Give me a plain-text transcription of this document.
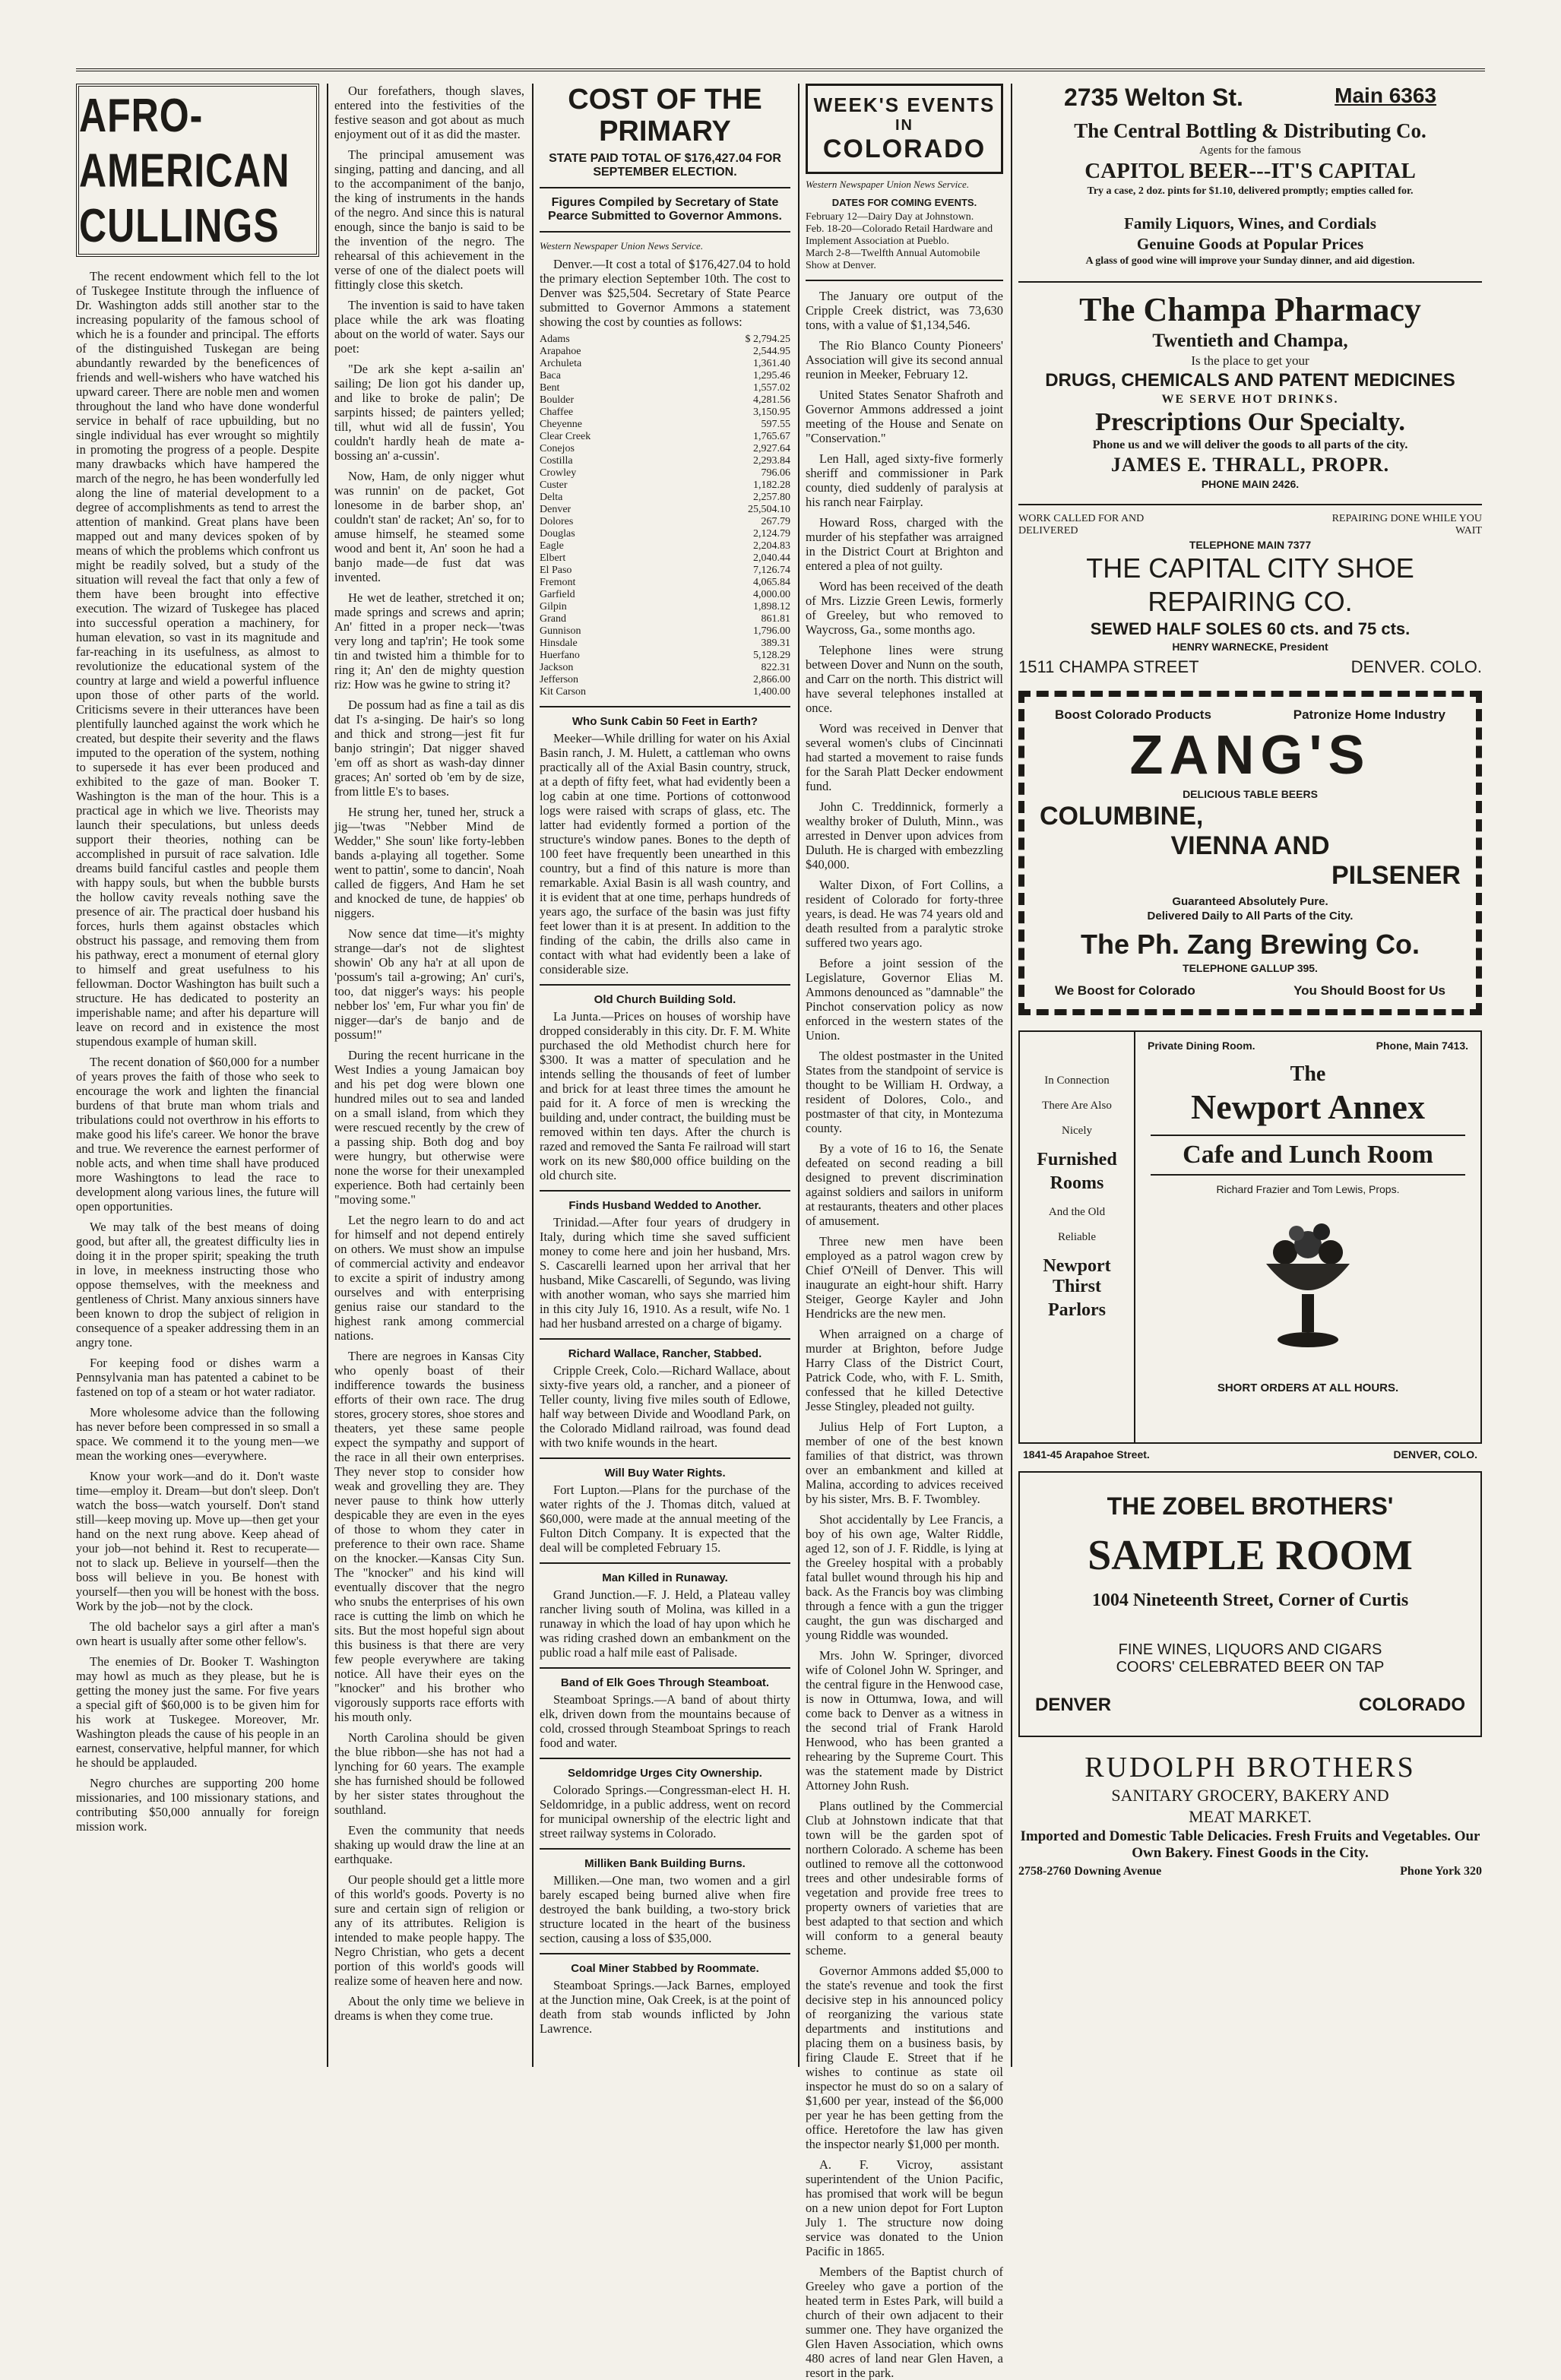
AFRO-AMERICAN CULLINGS

The recent endowment which fell to the lot of Tuskegee Institute through the influence of Dr. Washington adds still another star to the increasing popularity of the famous school of which he is a founder and principal. The efforts of the distinguished Tuskegan are being abundantly rewarded by the beneficences of friends and well-wishers who have watched his upward career. There are noble men and women throughout the land who have done wonderful service in behalf of race upbuilding, but no single individual has ever wrought so mightily in promoting the progress of a people. Despite many drawbacks which have hampered the march of the negro, he has been wonderfully led along the line of material development to a degree of accomplishments as tend to arrest the attention of mankind. Great plans have been mapped out and many devices spoken of by means of which the problems which confront us might be readily solved, but a study of the situation will reveal the fact that only a few of them have been brought into effective execution. The wizard of Tuskegee has placed into successful operation a machinery, for human elevation, so vast in its magnitude and far-reaching in its usefulness, as almost to revolutionize the educational system of the country at large and wield a powerful influence upon those of other parts of the world. Criticisms severe in their utterances have been plentifully launched against the work which he created, but despite their severity and the flaws imputed to the operation of the system, nothing to supersede it has ever been produced and exhibited to the gaze of man. Booker T. Washington is the man of the hour. This is a practical age in which we live. Theorists may launch their speculations, but unless deeds support their theories, nothing can be accomplished in pursuit of race salvation. Idle dreams build fanciful castles and people them with happy souls, but when the bubble bursts the hollow cavity reveals nothing save the presence of air. The practical doer husband his forces, hurls them against obstacles which obstruct his passage, and removing them from his pathway, erect a monument of eternal glory to himself and great usefulness to his fellowman. Doctor Washington has built such a structure. He has dedicated to posterity an imperishable name; and after his departure will leave on record and in existence the most stupendous example of human skill.

The recent donation of $60,000 for a number of years proves the faith of those who seek to encourage the work and lighten the financial burdens of that brute man whom trials and tribulations could not overthrow in his efforts to make good his life's career. We honor the brave and true. We reverence the earnest performer of noble acts, and when time shall have produced more Washingtons to lead the race to development along various lines, the future will open opportunities.

We may talk of the best means of doing good, but after all, the greatest difficulty lies in doing it in the proper spirit; speaking the truth in love, in meekness instructing those who oppose themselves, with the meekness and gentleness of Christ. Many anxious sinners have been known to drop the subject of religion in consequence of a speaker addressing them in an angry tone.

For keeping food or dishes warm a Pennsylvania man has patented a cabinet to be fastened on top of a steam or hot water radiator.

More wholesome advice than the following has never before been compressed in so small a space. We commend it to the young men—we mean the working ones—everywhere.

Know your work—and do it. Don't waste time—employ it. Dream—but don't sleep. Don't watch the boss—watch yourself. Don't stand still—keep moving up. Move up—then get your hand on the next rung above. Keep ahead of your job—not behind it. Rest to recuperate—not to slack up. Believe in yourself—then the boss will believe in you. Be honest with yourself—then you will be honest with the boss. Work by the job—not by the clock.

The old bachelor says a girl after a man's own heart is usually after some other fellow's.

The enemies of Dr. Booker T. Washington may howl as much as they please, but he is getting the money just the same. For five years a special gift of $60,000 is to be given him for his work at Tuskegee. Moreover, Mr. Washington pleads the cause of his people in an earnest, conservative, helpful manner, for which he should be applauded.

Negro churches are supporting 200 home missionaries, and 100 missionary stations, and contributing $50,000 annually for foreign mission work.

Our forefathers, though slaves, entered into the festivities of the festive season and got about as much enjoyment out of it as did the master.

The principal amusement was singing, patting and dancing, and all to the accompaniment of the banjo, the king of instruments in the hands of the negro. And since this is natural enough, since the banjo is said to be the invention of the negro. The rehearsal of this achievement in the verse of one of the dialect poets will fittingly close this sketch.

The invention is said to have taken place while the ark was floating about on the world of water. Says our poet:

"De ark she kept a-sailin an' sailing; De lion got his dander up, and like to broke de palin'; De sarpints hissed; de painters yelled; till, whut wid all de fussin', You couldn't hardly heah de mate a-bossing an' a-cussin'.

Now, Ham, de only nigger whut was runnin' on de packet, Got lonesome in de barber shop, an' couldn't stan' de racket; An' so, for to amuse himself, he steamed some wood and bent it, An' soon he had a banjo made—de fust dat was invented.

He wet de leather, stretched it on; made springs and screws and aprin; An' fitted in a proper neck—'twas very long and tap'rin'; He took some tin and twisted him a thimble for to ring it; An' den de mighty question riz: How was he gwine to string it?

De possum had as fine a tail as dis dat I's a-singing. De hair's so long and thick and strong—jest fit fur banjo stringin'; Dat nigger shaved 'em off as short as wash-day dinner graces; An' sorted ob 'em by de size, from little E's to bases.

He strung her, tuned her, struck a jig—'twas "Nebber Mind de Wedder," She soun' like forty-lebben bands a-playing all together. Some went to pattin', some to dancin', Noah called de figgers, And Ham he set and knocked de tune, de happies' ob niggers.

Now sence dat time—it's mighty strange—dar's not de slightest showin' Ob any ha'r at all upon de 'possum's tail a-growing; An' curi's, too, dat nigger's ways: his people nebber los' 'em, Fur whar you fin' de nigger—dar's de banjo and de possum!"

During the recent hurricane in the West Indies a young Jamaican boy and his pet dog were blown one hundred miles out to sea and landed on a small island, from which they were rescued recently by the crew of a passing ship. Both dog and boy were hungry, but otherwise were none the worse for their unexampled experience. Both had certainly been "moving some."

Let the negro learn to do and act for himself and not depend entirely on others. We must show an impulse of commercial activity and endeavor to excite a spirit of industry among ourselves and with enterprising genius raise our standard to the highest rank among commercial nations.

There are negroes in Kansas City who openly boast of their indifference towards the business efforts of their own race. The drug stores, grocery stores, shoe stores and theaters, yet these same people expect the sympathy and support of the race in all their own enterprises. They never stop to consider how weak and grovelling they are. They never pause to think how utterly despicable they are even in the eyes of those to whom they cater in preference to their own race. Shame on the knocker.—Kansas City Sun. The "knocker" and his kind will eventually discover that the negro who snubs the enterprises of his own race is cutting the limb on which he sits. But the most hopeful sign about this business is that there are very few people everywhere are taking notice. All have their eyes on the "knocker" and his brother who vigorously supports race efforts with his mouth only.

North Carolina should be given the blue ribbon—she has not had a lynching for 60 years. The example she has furnished should be followed by her sister states throughout the southland.

Even the community that needs shaking up would draw the line at an earthquake.

Our people should get a little more of this world's goods. Poverty is no sure and certain sign of religion or any of its attributes. Religion is intended to make people happy. The Negro Christian, who gets a decent portion of this world's goods will realize some of heaven here and now.

About the only time we believe in dreams is when they come true.

COST OF THE PRIMARY
STATE PAID TOTAL OF $176,427.04 FOR SEPTEMBER ELECTION.
Figures Compiled by Secretary of State Pearce Submitted to Governor Ammons.
Western Newspaper Union News Service.

Denver.—It cost a total of $176,427.04 to hold the primary election September 10th. The cost to Denver was $25,504. Secretary of State Pearce submitted to Governor Ammons a statement showing the cost by counties as follows:

Adams	$ 2,794.25
Arapahoe	2,544.95
Archuleta	1,361.40
Baca	1,295.46
Bent	1,557.02
Boulder	4,281.56
Chaffee	3,150.95
Cheyenne	597.55
Clear Creek	1,765.67
Conejos	2,927.64
Costilla	2,293.84
Crowley	796.06
Custer	1,182.28
Delta	2,257.80
Denver	25,504.10
Dolores	267.79
Douglas	2,124.79
Eagle	2,204.83
Elbert	2,040.44
El Paso	7,126.74
Fremont	4,065.84
Garfield	4,000.00
Gilpin	1,898.12
Grand	861.81
Gunnison	1,796.00
Hinsdale	389.31
Huerfano	5,128.29
Jackson	822.31
Jefferson	2,866.00
Kit Carson	1,400.00
Who Sunk Cabin 50 Feet in Earth?

Meeker—While drilling for water on his Axial Basin ranch, J. M. Hulett, a cattleman who owns practically all of the Axial Basin country, struck, at a depth of fifty feet, what had evidently been a log cabin at one time. Portions of cottonwood logs were raised with scraps of glass, etc. The latter had evidently formed a portion of the structure's window panes. Bones to the depth of 100 feet have frequently been unearthed in this country, but a find of this nature is more than remarkable. Axial Basin is all wash country, and it is evident that at one time, perhaps hundreds of years ago, the surface of the basin was just fifty feet lower than it is at present. In addition to the finding of the cabin, the drills also came in contact with what had evidently been a lake of considerable size.

Old Church Building Sold.

La Junta.—Prices on houses of worship have dropped considerably in this city. Dr. F. M. White purchased the old Methodist church here for $300. It was a matter of speculation and he intends selling the thousands of feet of lumber and brick for at least three times the amount he paid for it. A force of men is wrecking the building and, under contract, the building must be removed within ten days. After the church is razed and removed the Santa Fe railroad will start work on its new $80,000 office building on the old church site.

Finds Husband Wedded to Another.

Trinidad.—After four years of drudgery in Italy, during which time she saved sufficient money to come here and join her husband, Mrs. S. Cascarelli learned upon her arrival that her husband, Mike Cascarelli, of Segundo, was living with another woman, who says she married him in this city July 16, 1910. As a result, wife No. 1 had her husband arrested on a charge of bigamy.

Richard Wallace, Rancher, Stabbed.

Cripple Creek, Colo.—Richard Wallace, about sixty-five years old, a rancher, and a pioneer of Teller county, living five miles south of Edlowe, half way between Divide and Woodland Park, on the Colorado Midland railroad, was found dead with two knife wounds in the heart.

Will Buy Water Rights.

Fort Lupton.—Plans for the purchase of the water rights of the J. Thomas ditch, valued at $60,000, were made at the annual meeting of the Fulton Ditch Company. It is expected that the deal will be completed February 15.

Man Killed in Runaway.

Grand Junction.—F. J. Held, a Plateau valley rancher living south of Molina, was killed in a runaway in which the load of hay upon which he was riding crashed down an embankment on the public road a half mile east of Palisade.

Band of Elk Goes Through Steamboat.

Steamboat Springs.—A band of about thirty elk, driven down from the mountains because of cold, crossed through Steamboat Springs to reach food and water.

Seldomridge Urges City Ownership.

Colorado Springs.—Congressman-elect H. H. Seldomridge, in a public address, went on record for municipal ownership of the electric light and street railway systems in Colorado.

Milliken Bank Building Burns.

Milliken.—One man, two women and a girl barely escaped being burned alive when fire destroyed the bank building, a two-story brick structure located in the heart of the business section, causing a loss of $35,000.

Coal Miner Stabbed by Roommate.

Steamboat Springs.—Jack Barnes, employed at the Junction mine, Oak Creek, is at the point of death from stab wounds inflicted by John Lawrence.

WEEK'S EVENTS
IN
COLORADO
Western Newspaper Union News Service.
DATES FOR COMING EVENTS.
February 12—Dairy Day at Johnstown.
Feb. 18-20—Colorado Retail Hardware and Implement Association at Pueblo.
March 2-8—Twelfth Annual Automobile Show at Denver.

The January ore output of the Cripple Creek district, was 73,630 tons, with a value of $1,134,546.

The Rio Blanco County Pioneers' Association will give its second annual reunion in Meeker, February 12.

United States Senator Shafroth and Governor Ammons addressed a joint meeting of the House and Senate on "Conservation."

Len Hall, aged sixty-five formerly sheriff and commissioner in Park county, died suddenly of paralysis at his ranch near Fairplay.

Howard Ross, charged with the murder of his stepfather was arraigned in the District Court at Brighton and entered a plea of not guilty.

Word has been received of the death of Mrs. Lizzie Green Lewis, formerly of Greeley, but who removed to Waycross, Ga., some months ago.

Telephone lines were strung between Dover and Nunn on the south, and Carr on the north. This district will have several telephones installed at once.

Word was received in Denver that several women's clubs of Cincinnati had started a movement to raise funds for the Sarah Platt Decker endowment fund.

John C. Treddinnick, formerly a wealthy broker of Duluth, Minn., was arrested in Denver upon advices from Duluth. He is charged with embezzling $40,000.

Walter Dixon, of Fort Collins, a resident of Colorado for forty-three years, is dead. He was 74 years old and death resulted from a paralytic stroke suffered two years ago.

Before a joint session of the Legislature, Governor Elias M. Ammons denounced as "damnable" the Pinchot conservation policy as now enforced in the western states of the Union.

The oldest postmaster in the United States from the standpoint of service is thought to be William H. Ordway, a resident of Dolores, Colo., and postmaster of that city, in Montezuma county.

By a vote of 16 to 16, the Senate defeated on second reading a bill designed to prevent discrimination against soldiers and sailors in uniform at restaurants, theaters and other places of amusement.

Three new men have been employed as a patrol wagon crew by Chief O'Neill of Denver. This will inaugurate an eight-hour shift. Harry Steiger, George Kayler and John Hendricks are the new men.

When arraigned on a charge of murder at Brighton, before Judge Harry Class of the District Court, Patrick Code, who, with F. L. Smith, confessed that he killed Detective Jesse Stingley, pleaded not guilty.

Julius Help of Fort Lupton, a member of one of the best known families of that district, was thrown over an embankment and killed at Malina, according to advices received by his sister, Mrs. B. F. Twombley.

Shot accidentally by Lee Francis, a boy of his own age, Walter Riddle, aged 12, son of J. F. Riddle, is lying at the Greeley hospital with a probably fatal bullet wound through his hip and back. As the Francis boy was climbing through a fence with a gun the trigger caught, the gun was discharged and young Riddle was wounded.

Mrs. John W. Springer, divorced wife of Colonel John W. Springer, and the central figure in the Henwood case, is now in Ottumwa, Iowa, and will come back to Denver as a witness in the second trial of Frank Harold Henwood, who has been granted a rehearing by the Supreme Court. This was the statement made by District Attorney John Rush.

Plans outlined by the Commercial Club at Johnstown indicate that that town will be the garden spot of northern Colorado. A scheme has been outlined to remove all the cottonwood trees and other undesirable forms of vegetation and provide free trees to property owners of varieties that are best adapted to that section and which will conform to a general beauty scheme.

Governor Ammons added $5,000 to the state's revenue and took the first decisive step in his announced policy of reorganizing the various state departments and institutions and placing them on a business basis, by firing Claude E. Street that if he wishes to continue as state oil inspector he must do so on a salary of $1,600 per year, instead of the $6,000 per year he has been getting from the office. Heretofore the law has given the inspector nearly $1,000 per month.

A. F. Vicroy, assistant superintendent of the Union Pacific, has promised that work will be begun on a new union depot for Fort Lupton July 1. The structure now doing service was donated to the Union Pacific in 1865.

Members of the Baptist church of Greeley who gave a portion of the heated term in Estes Park, will build a church of their own adjacent to their summer one. They have organized the Glen Haven Association, which owns 480 acres of land near Glen Haven, a resort in the park.

2735 Welton St.	Main 6363
The Central Bottling & Distributing Co.
Agents for the famous
CAPITOL BEER---IT'S CAPITAL
Try a case, 2 doz. pints for $1.10, delivered promptly; empties called for.
Family Liquors, Wines, and Cordials
Genuine Goods at Popular Prices
A glass of good wine will improve your Sunday dinner, and aid digestion.
The Champa Pharmacy
Twentieth and Champa,
Is the place to get your
DRUGS, CHEMICALS AND PATENT MEDICINES
WE SERVE HOT DRINKS.
Prescriptions Our Specialty.
Phone us and we will deliver the goods to all parts of the city.
JAMES E. THRALL, PROPR.
PHONE MAIN 2426.
WORK CALLED FOR AND DELIVERED
REPAIRING DONE WHILE YOU WAIT
TELEPHONE MAIN 7377
THE CAPITAL CITY SHOE
REPAIRING CO.
SEWED HALF SOLES 60 cts. and 75 cts.
HENRY WARNECKE, President
1511 CHAMPA STREET	DENVER. COLO.
Boost Colorado Products	Patronize Home Industry
ZANG'S
DELICIOUS TABLE BEERS
COLUMBINE,
VIENNA AND
PILSENER
Guaranteed Absolutely Pure.
Delivered Daily to All Parts of the City.
The Ph. Zang Brewing Co.
TELEPHONE GALLUP 395.
We Boost for Colorado	You Should Boost for Us
In Connection
There Are Also
Nicely
Furnished
Rooms
And the Old
Reliable
Newport Thirst
Parlors
Private Dining Room.	Phone, Main 7413.
The
Newport Annex
Cafe and Lunch Room
Richard Frazier and Tom Lewis, Props.
SHORT ORDERS AT ALL HOURS.
1841-45 Arapahoe Street.	DENVER, COLO.
THE ZOBEL BROTHERS'
SAMPLE ROOM
1004 Nineteenth Street, Corner of Curtis
FINE WINES, LIQUORS AND CIGARS
COORS' CELEBRATED BEER ON TAP
DENVER	COLORADO
RUDOLPH BROTHERS
SANITARY GROCERY, BAKERY AND
MEAT MARKET.
Imported and Domestic Table Delicacies. Fresh Fruits and Vegetables. Our Own Bakery. Finest Goods in the City.
2758-2760 Downing Avenue	Phone York 320
